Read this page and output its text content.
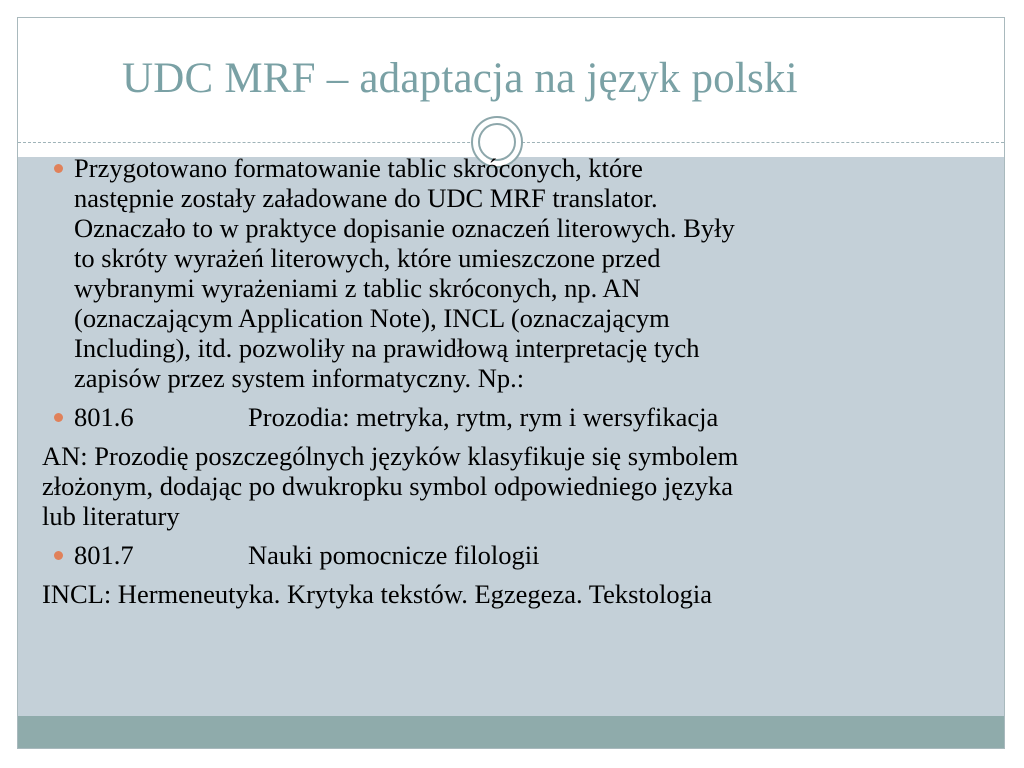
UDC MRF – adaptacja na język polski
Przygotowano formatowanie tablic skróconych, które
następnie zostały załadowane do UDC MRF translator.
Oznaczało to w praktyce dopisanie oznaczeń literowych. Były
to skróty wyrażeń literowych, które umieszczone przed
wybranymi wyrażeniami z tablic skróconych, np. AN
(oznaczającym Application Note), INCL (oznaczającym
Including), itd. pozwoliły na prawidłową interpretację tych
zapisów przez system informatyczny. Np.:
801.6	Prozodia: metryka, rytm, rym i wersyfikacja
AN: Prozodię poszczególnych języków klasyfikuje się symbolem
złożonym, dodając po dwukropku symbol odpowiedniego języka
lub literatury
801.7	Nauki pomocnicze filologii
INCL: Hermeneutyka. Krytyka tekstów. Egzegeza. Tekstologia
